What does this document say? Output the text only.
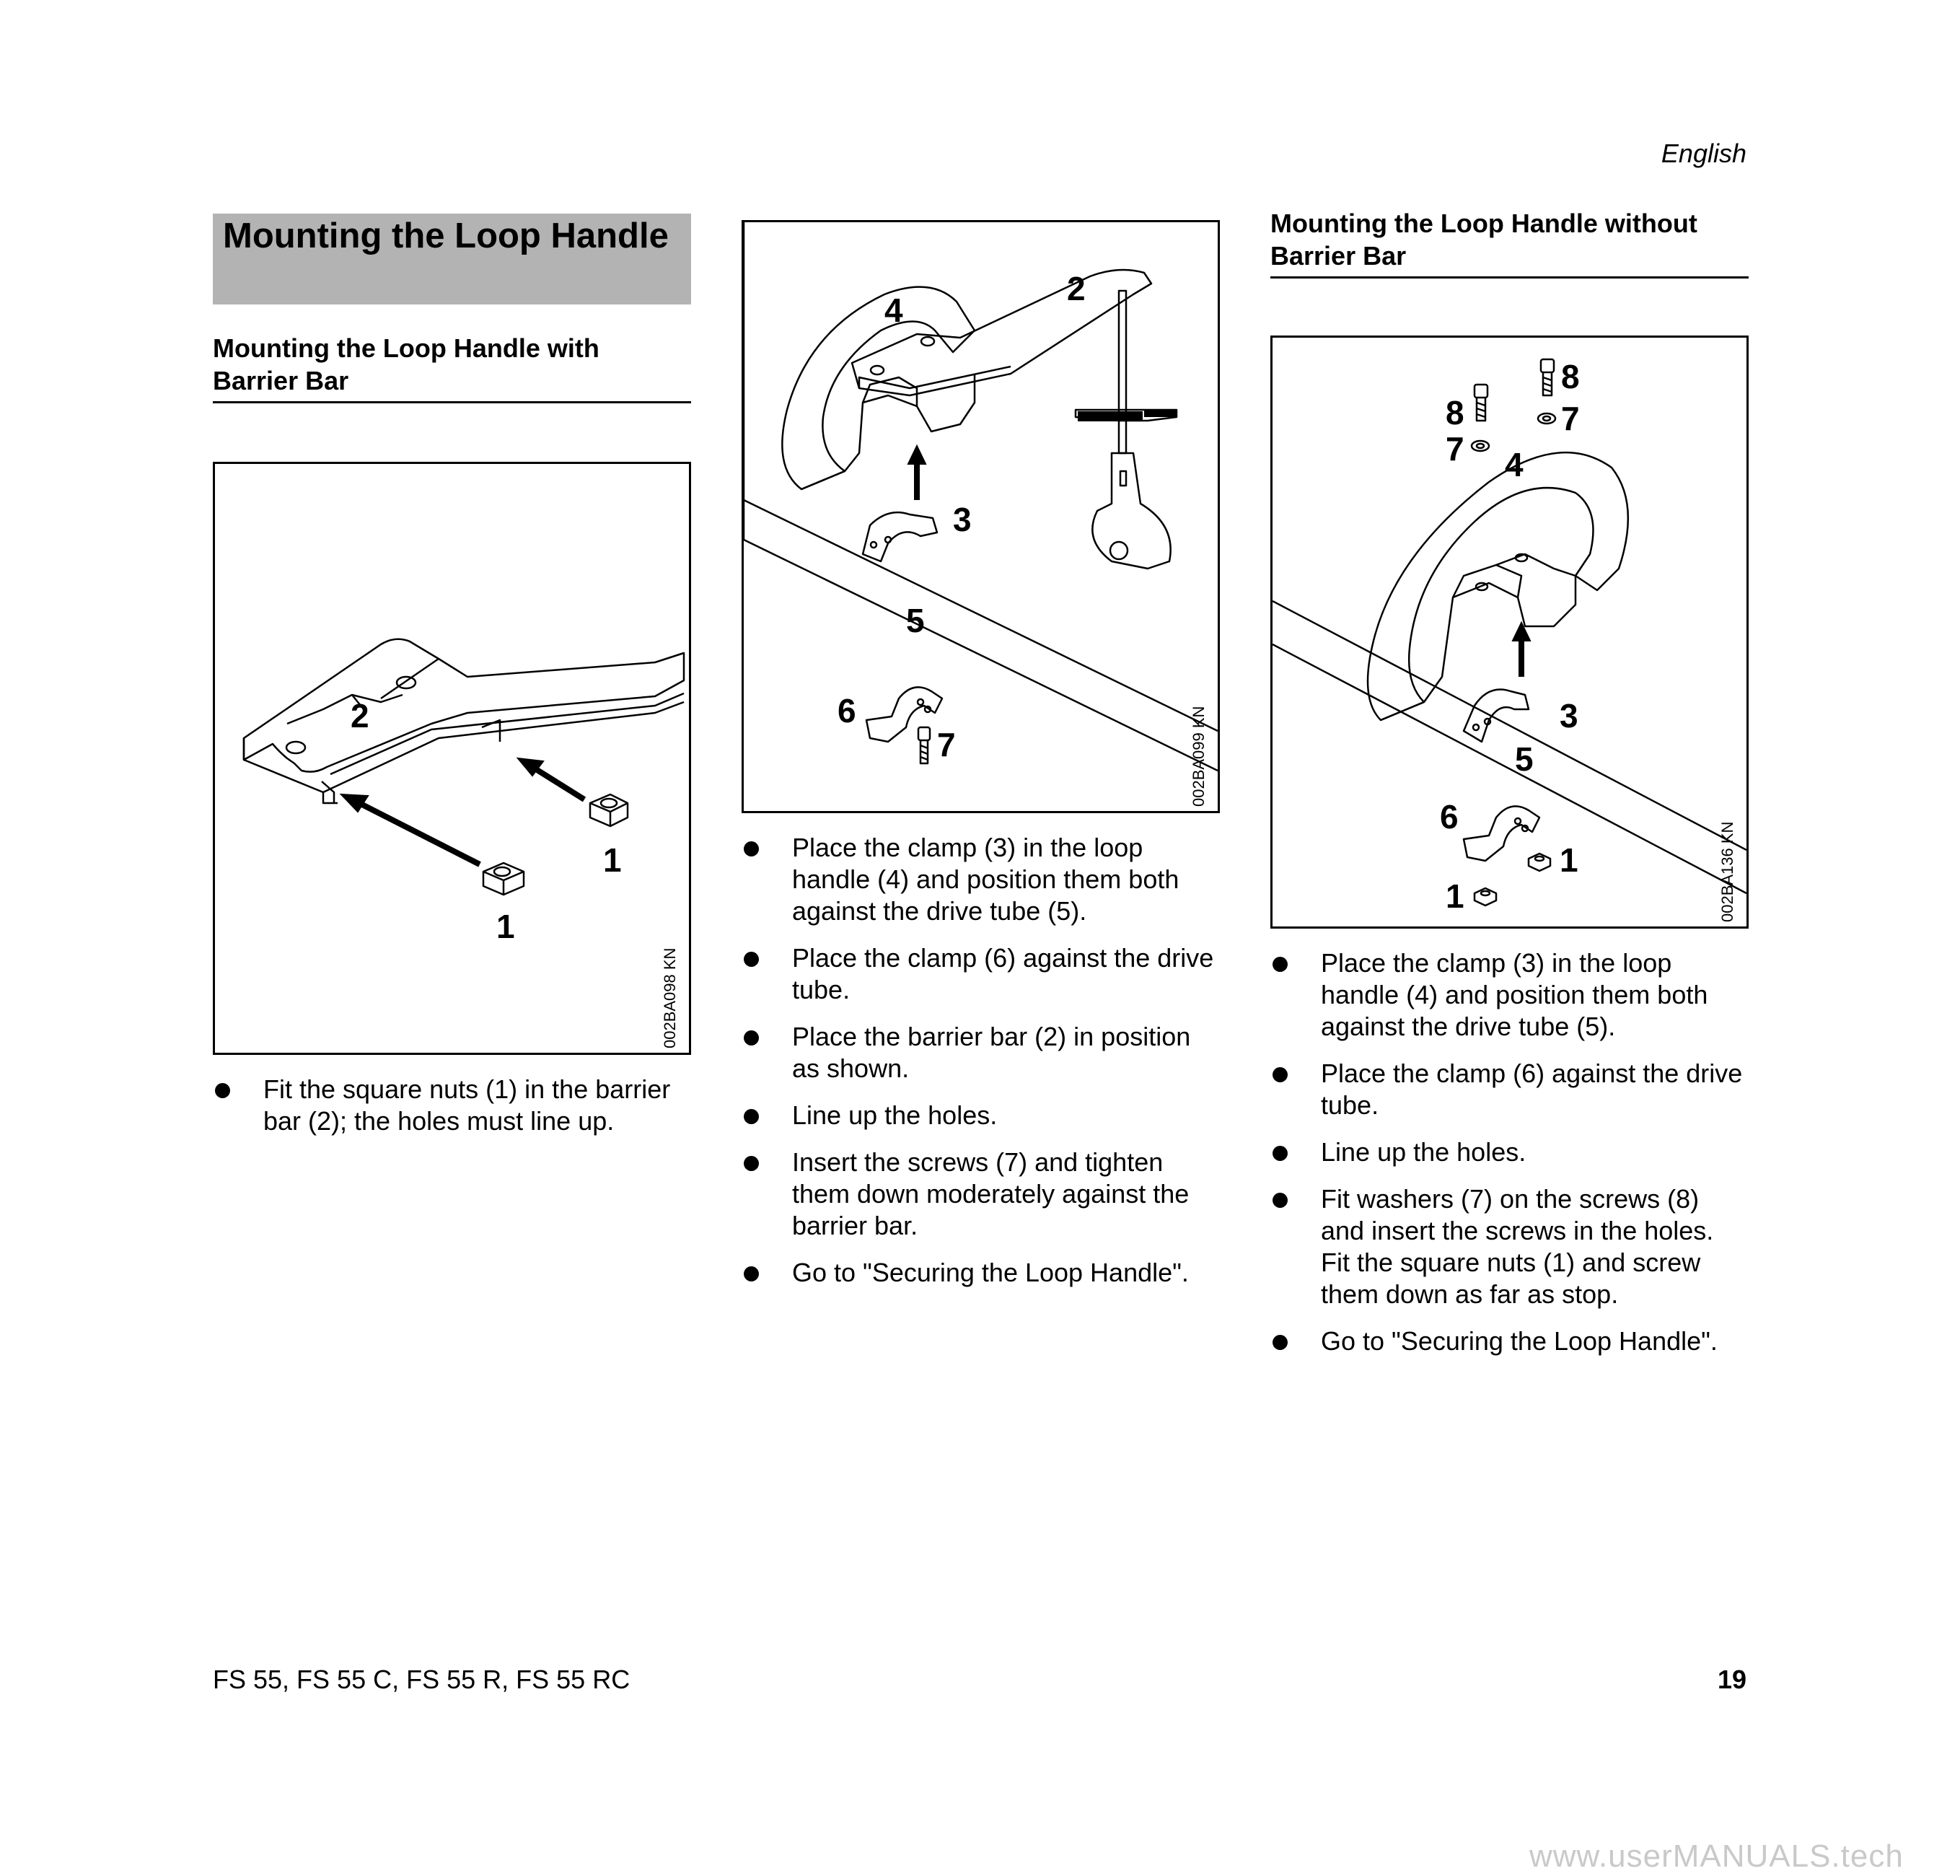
English
Mounting the Loop Handle
Mounting the Loop Handle with Barrier Bar
2
1
1
002BA098 KN
Fit the square nuts (1) in the barrier bar (2); the holes must line up.
4
2
3
5
6
7	002BA099 KN
Place the clamp (3) in the loop handle (4) and position them both against the drive tube (5).
Place the clamp (6) against the drive tube.
Place the barrier bar (2) in position as shown.
Line up the holes.
Insert the screws (7) and tighten them down moderately against the barrier bar.
Go to "Securing the Loop Handle".
Mounting the Loop Handle without Barrier Bar
8
8
7
7
4
3
5
6
1
1	002BA136 KN
Place the clamp (3) in the loop handle (4) and position them both against the drive tube (5).
Place the clamp (6) against the drive tube.
Line up the holes.
Fit washers (7) on the screws (8) and insert the screws in the holes. Fit the square nuts (1) and screw them down as far as stop.
Go to "Securing the Loop Handle".
FS 55, FS 55 C, FS 55 R, FS 55 RC	19
www.userMANUALS.tech
